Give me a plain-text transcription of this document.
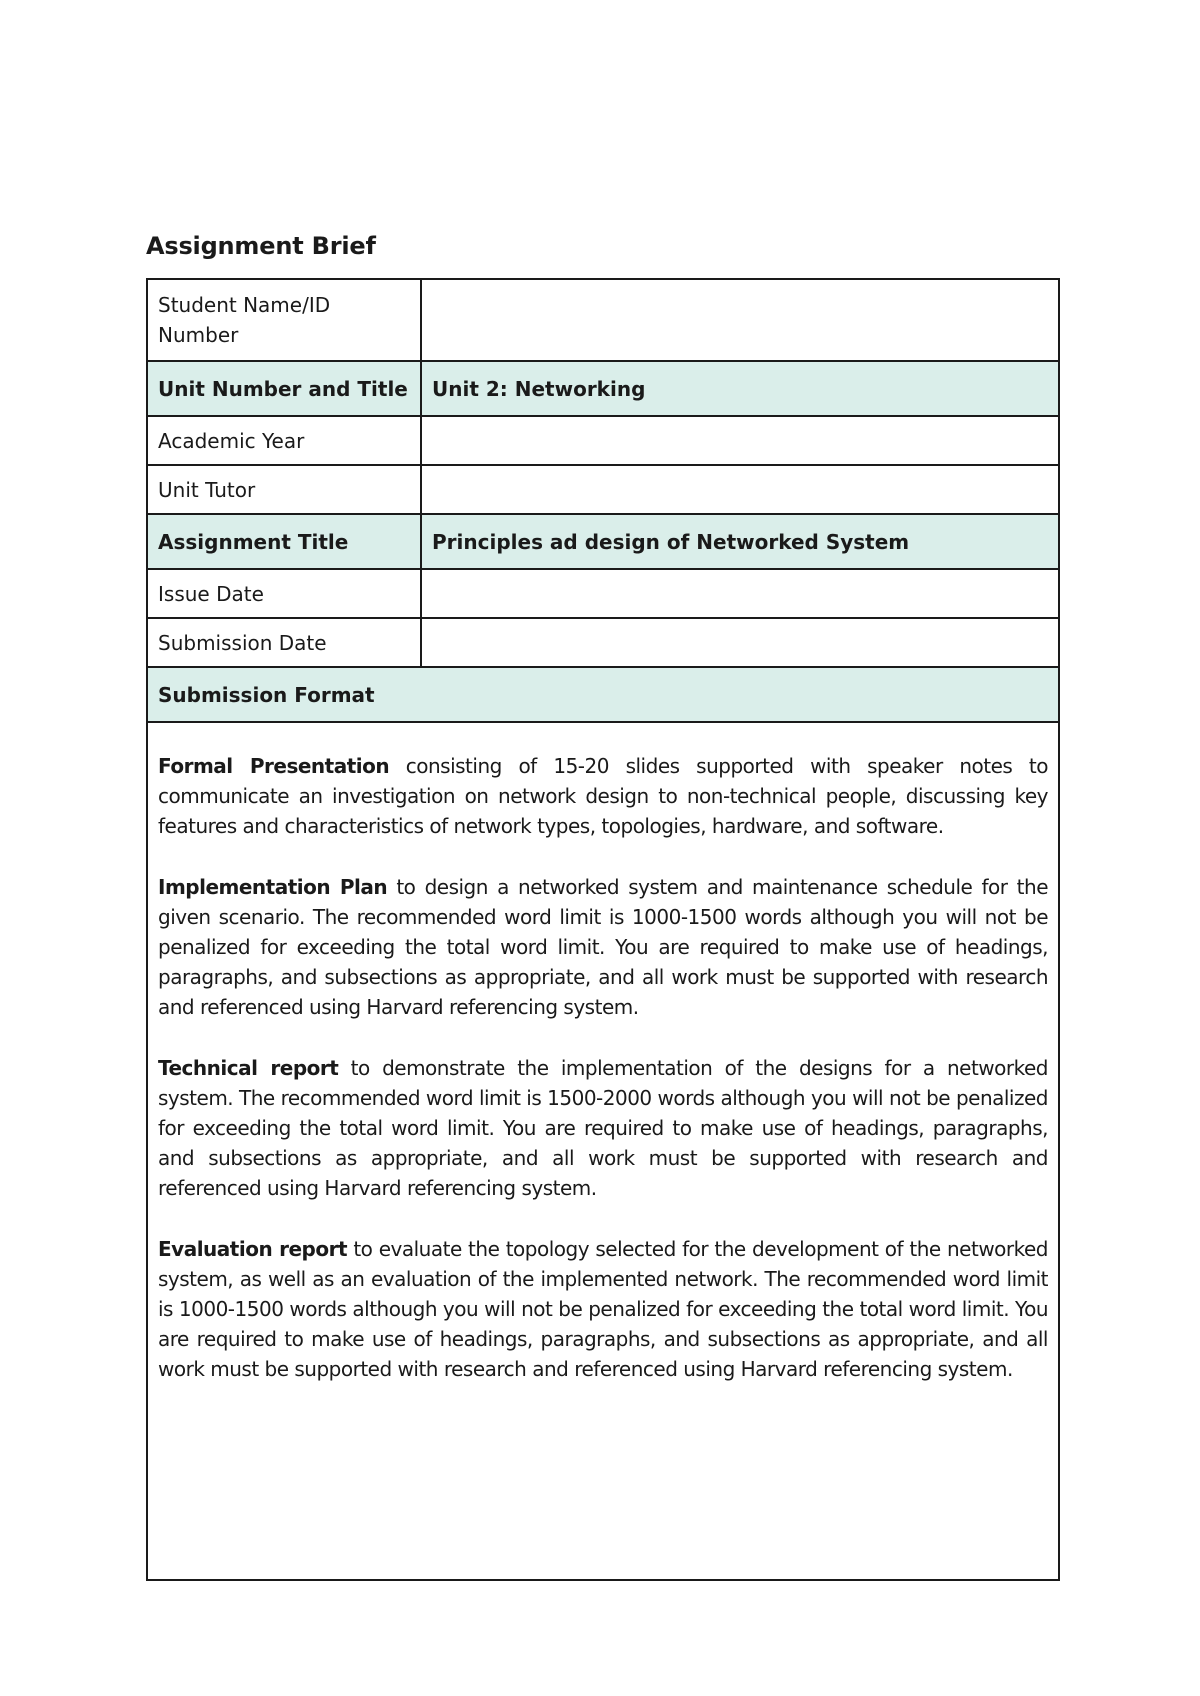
Assignment Brief
Student Name/ID Number	
Unit Number and Title	Unit 2: Networking
Academic Year	
Unit Tutor	
Assignment Title	Principles ad design of Networked System
Issue Date	
Submission Date	
Submission Format	

Formal Presentation consisting of 15-20 slides supported with speaker notes to communicate an investigation on network design to non-technical people, discussing key features and characteristics of network types, topologies, hardware, and software.

Implementation Plan to design a networked system and maintenance schedule for the given scenario. The recommended word limit is 1000-1500 words although you will not be penalized for exceeding the total word limit. You are required to make use of headings, paragraphs, and subsections as appropriate, and all work must be supported with research and referenced using Harvard referencing system.

Technical report to demonstrate the implementation of the designs for a networked system. The recommended word limit is 1500-2000 words although you will not be penalized for exceeding the total word limit. You are required to make use of headings, paragraphs, and subsections as appropriate, and all work must be supported with research and referenced using Harvard referencing system.

Evaluation report to evaluate the topology selected for the development of the networked system, as well as an evaluation of the implemented network. The recommended word limit is 1000-1500 words although you will not be penalized for exceeding the total word limit. You are required to make use of headings, paragraphs, and subsections as appropriate, and all work must be supported with research and referenced using Harvard referencing system.	
